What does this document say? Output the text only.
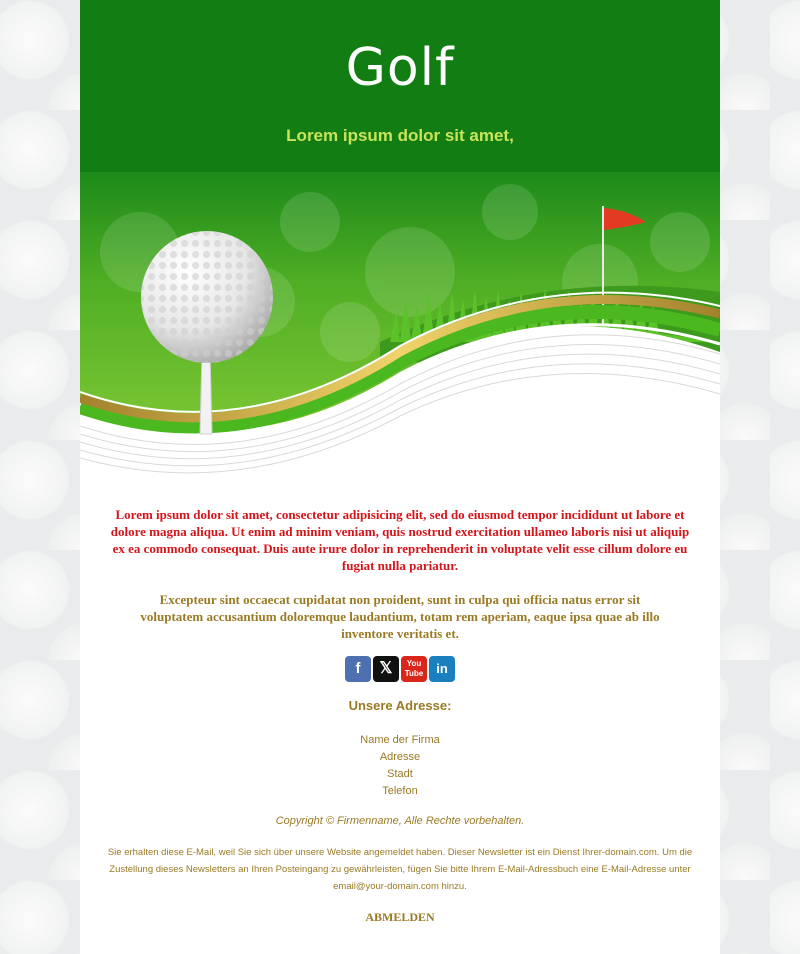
Golf
Lorem ipsum dolor sit amet,
Lorem ipsum dolor sit amet, consectetur adipisicing elit, sed do eiusmod tempor incididunt ut labore et dolore magna aliqua. Ut enim ad minim veniam, quis nostrud exercitation ullameo laboris nisi ut aliquip ex ea commodo consequat. Duis aute irure dolor in reprehenderit in voluptate velit esse cillum dolore eu fugiat nulla pariatur.
Excepteur sint occaecat cupidatat non proident, sunt in culpa qui officia natus error sit voluptatem accusantium doloremque laudantium, totam rem aperiam, eaque ipsa quae ab illo inventore veritatis et.
f 𝕏 You
Tube in
Unsere Adresse:
Name der Firma
Adresse
Stadt
Telefon
Copyright © Firmenname, Alle Rechte vorbehalten.
Sie erhalten diese E-Mail, weil Sie sich über unsere Website angemeldet haben. Dieser Newsletter ist ein Dienst Ihrer-domain.com. Um die Zustellung dieses Newsletters an Ihren Posteingang zu gewährleisten, fügen Sie bitte Ihrem E-Mail-Adressbuch eine E-Mail-Adresse unter email@your-domain.com hinzu.
ABMELDEN
